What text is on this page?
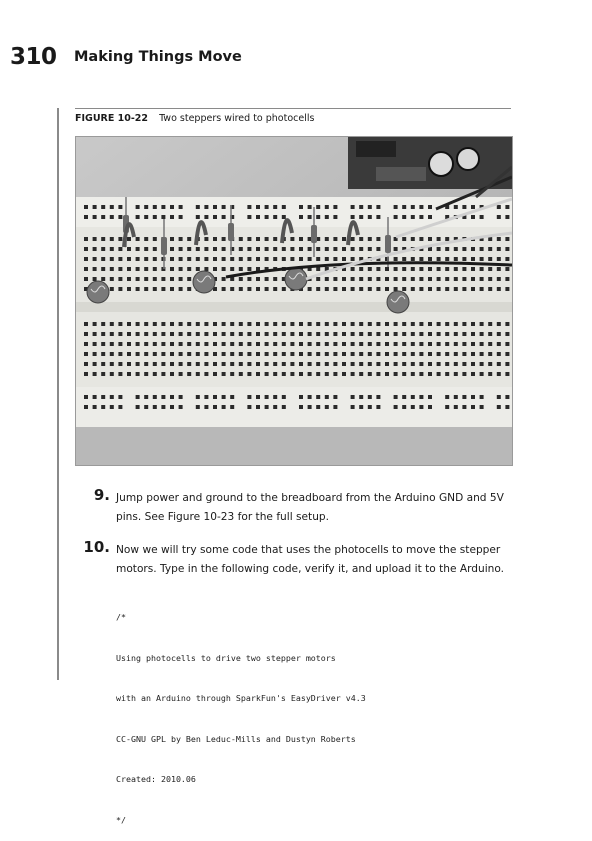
310 Making Things Move
FIGURE 10-22 Two steppers wired to photocells
9. Jump power and ground to the breadboard from the Arduino GND and 5V pins. See Figure 10-23 for the full setup.
10. Now we will try some code that uses the photocells to move the stepper motors. Type in the following code, verify it, and upload it to the Arduino.

/*

Using photocells to drive two stepper motors

with an Arduino through SparkFun's EasyDriver v4.3

CC-GNU GPL by Ben Leduc-Mills and Dustyn Roberts

Created: 2010.06

*/
